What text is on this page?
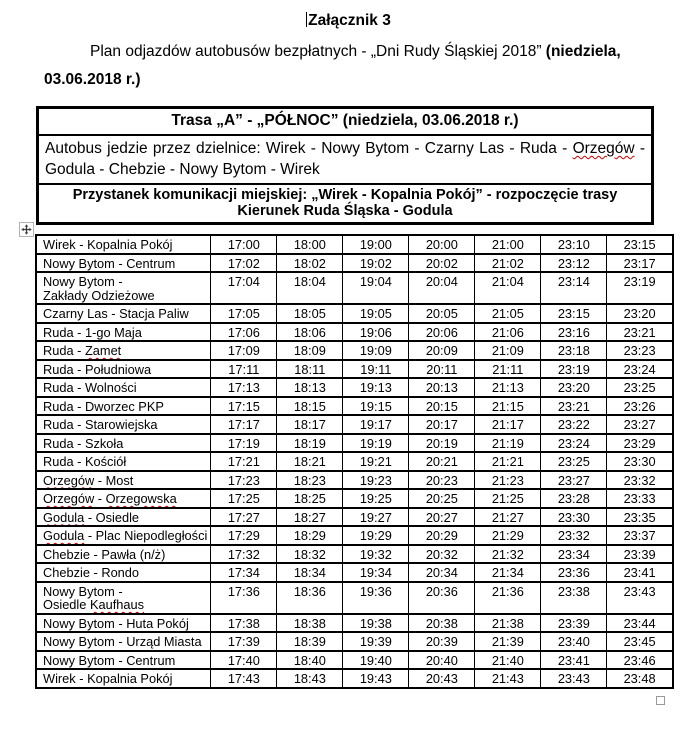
Załącznik 3

Plan odjazdów autobusów bezpłatnych - „Dni Rudy Śląskiej 2018” (niedziela,
03.06.2018 r.)

Trasa „A” - „PÓŁNOC” (niedziela, 03.06.2018 r.)
Autobus jedzie przez dzielnice: Wirek - Nowy Bytom - Czarny Las - Ruda - Orzegów - Godula - Chebzie - Nowy Bytom - Wirek
Przystanek komunikacji miejskiej: „Wirek - Kopalnia Pokój” - rozpoczęcie trasy
Kierunek Ruda Śląska - Godula
Wirek - Kopalnia Pokój	17:00	18:00	19:00	20:00	21:00	23:10	23:15
Nowy Bytom - Centrum	17:02	18:02	19:02	20:02	21:02	23:12	23:17
Nowy Bytom -
Zakłady Odzieżowe	17:04	18:04	19:04	20:04	21:04	23:14	23:19
Czarny Las - Stacja Paliw	17:05	18:05	19:05	20:05	21:05	23:15	23:20
Ruda - 1-go Maja	17:06	18:06	19:06	20:06	21:06	23:16	23:21
Ruda - Zamet	17:09	18:09	19:09	20:09	21:09	23:18	23:23
Ruda - Południowa	17:11	18:11	19:11	20:11	21:11	23:19	23:24
Ruda - Wolności	17:13	18:13	19:13	20:13	21:13	23:20	23:25
Ruda - Dworzec PKP	17:15	18:15	19:15	20:15	21:15	23:21	23:26
Ruda - Starowiejska	17:17	18:17	19:17	20:17	21:17	23:22	23:27
Ruda - Szkoła	17:19	18:19	19:19	20:19	21:19	23:24	23:29
Ruda - Kościół	17:21	18:21	19:21	20:21	21:21	23:25	23:30
Orzegów - Most	17:23	18:23	19:23	20:23	21:23	23:27	23:32
Orzegów - Orzegowska	17:25	18:25	19:25	20:25	21:25	23:28	23:33
Godula - Osiedle	17:27	18:27	19:27	20:27	21:27	23:30	23:35
Godula - Plac Niepodległości	17:29	18:29	19:29	20:29	21:29	23:32	23:37
Chebzie - Pawła (n/ż)	17:32	18:32	19:32	20:32	21:32	23:34	23:39
Chebzie - Rondo	17:34	18:34	19:34	20:34	21:34	23:36	23:41
Nowy Bytom -
Osiedle Kaufhaus	17:36	18:36	19:36	20:36	21:36	23:38	23:43
Nowy Bytom - Huta Pokój	17:38	18:38	19:38	20:38	21:38	23:39	23:44
Nowy Bytom - Urząd Miasta	17:39	18:39	19:39	20:39	21:39	23:40	23:45
Nowy Bytom - Centrum	17:40	18:40	19:40	20:40	21:40	23:41	23:46
Wirek - Kopalnia Pokój	17:43	18:43	19:43	20:43	21:43	23:43	23:48
